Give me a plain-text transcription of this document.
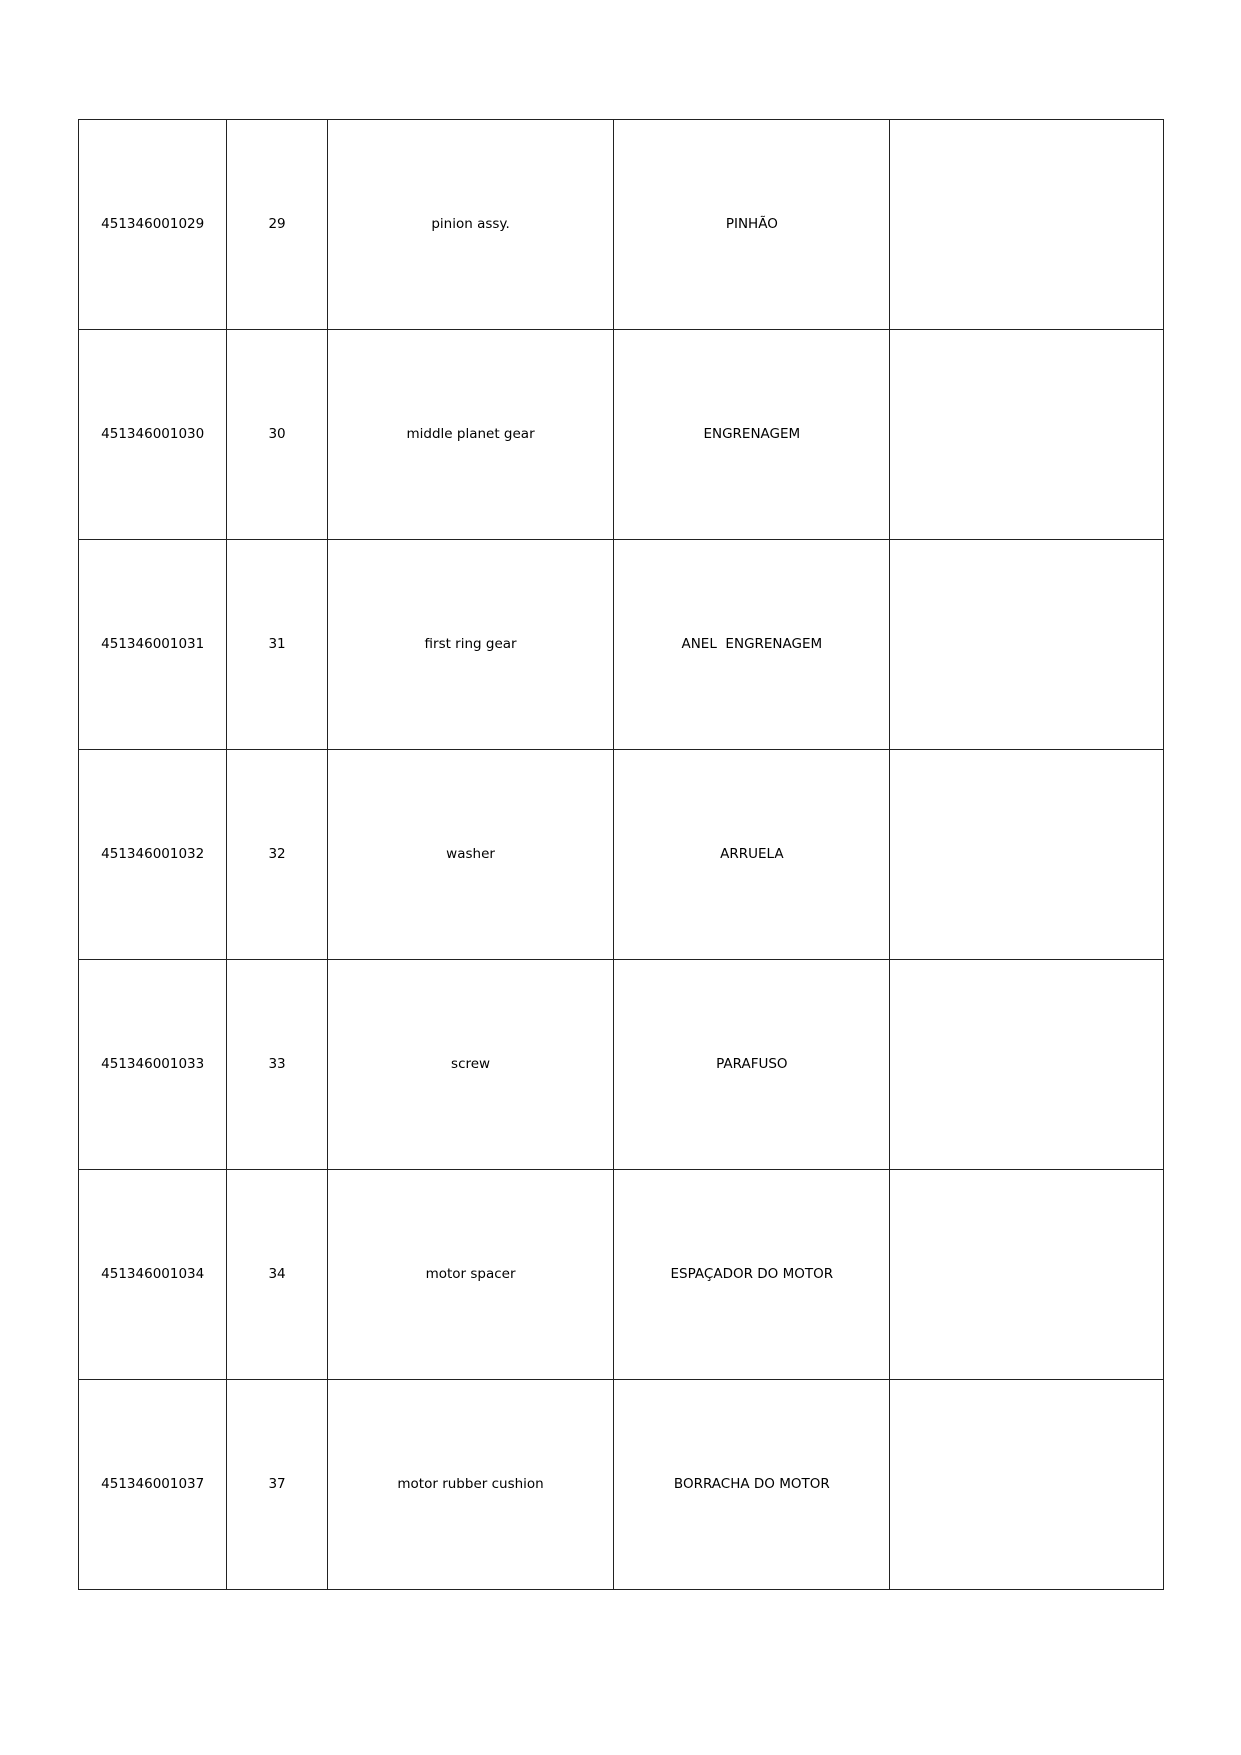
451346001029	29	pinion assy.	PINHÃO	
451346001030	30	middle planet gear	ENGRENAGEM	
451346001031	31	first ring gear	ANEL  ENGRENAGEM	
451346001032	32	washer	ARRUELA	
451346001033	33	screw	PARAFUSO	
451346001034	34	motor spacer	ESPAÇADOR DO MOTOR	
451346001037	37	motor rubber cushion	BORRACHA DO MOTOR	
